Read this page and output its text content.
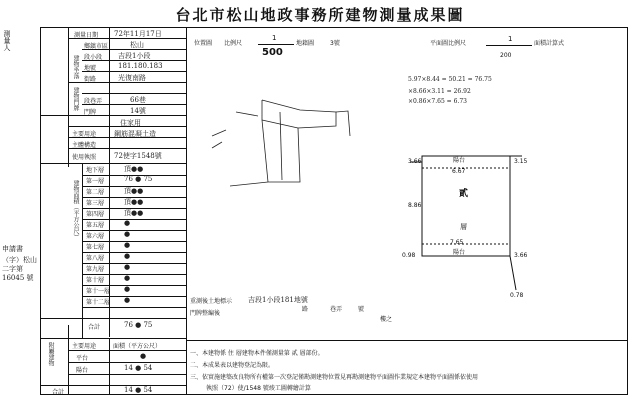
台北市松山地政事務所建物測量成果圖
測量人
申請書
（字）松山二字第 16045 號
測量日期 72年11月17日
建物坐落
鄉鎮市區	松山
段小段 吉段1小段
地號	181.180.183
建物門牌
街路	光復南路
段巷弄	66巷
門牌	14號
主要用途
住家用
主體構造
鋼筋混凝土造
使用執照	72使字1548號
建物面積（平方公尺）
地下層	頂●●
第一層	76 ● 75
第二層	頂●●
第三層	頂●●
第四層	頂●●
第五層	●
第六層	●
第七層	●
第八層	●
第九層	●
第十層	●
第十一層 ●
第十二層 ●
合計	76 ● 75
附屬建物	主要用途	面積（平方公尺）
平台	●
陽台	14 ● 54
合計	14 ● 54
位置圖 比例尺
1
500
地籍圖	3號	平面圖比例尺
1
200
面積計算式
5.97×8.44 = 50.21 = 76.75
×8.66×3.11 = 26.92
×0.86×7.65 = 6.73
陽台
陽台
貳
層
6.67
7.65
3.66
8.86
0.98
3.15
3.66
0.78
重測後土地標示 吉段1小段181地號
門牌整編後
路	巷弄	號
樓之
一、本建物係 住 層建物本件僅測量第 貳 層部份。
二、本成果表以建物登記為限。
三、依實施建築改良物所有權第一次登記僅勘測建物位置見再勘測建物平面圖作業規定本建物平面圖係依使用
執照（72）使/1548 號竣工圖轉繪計算
